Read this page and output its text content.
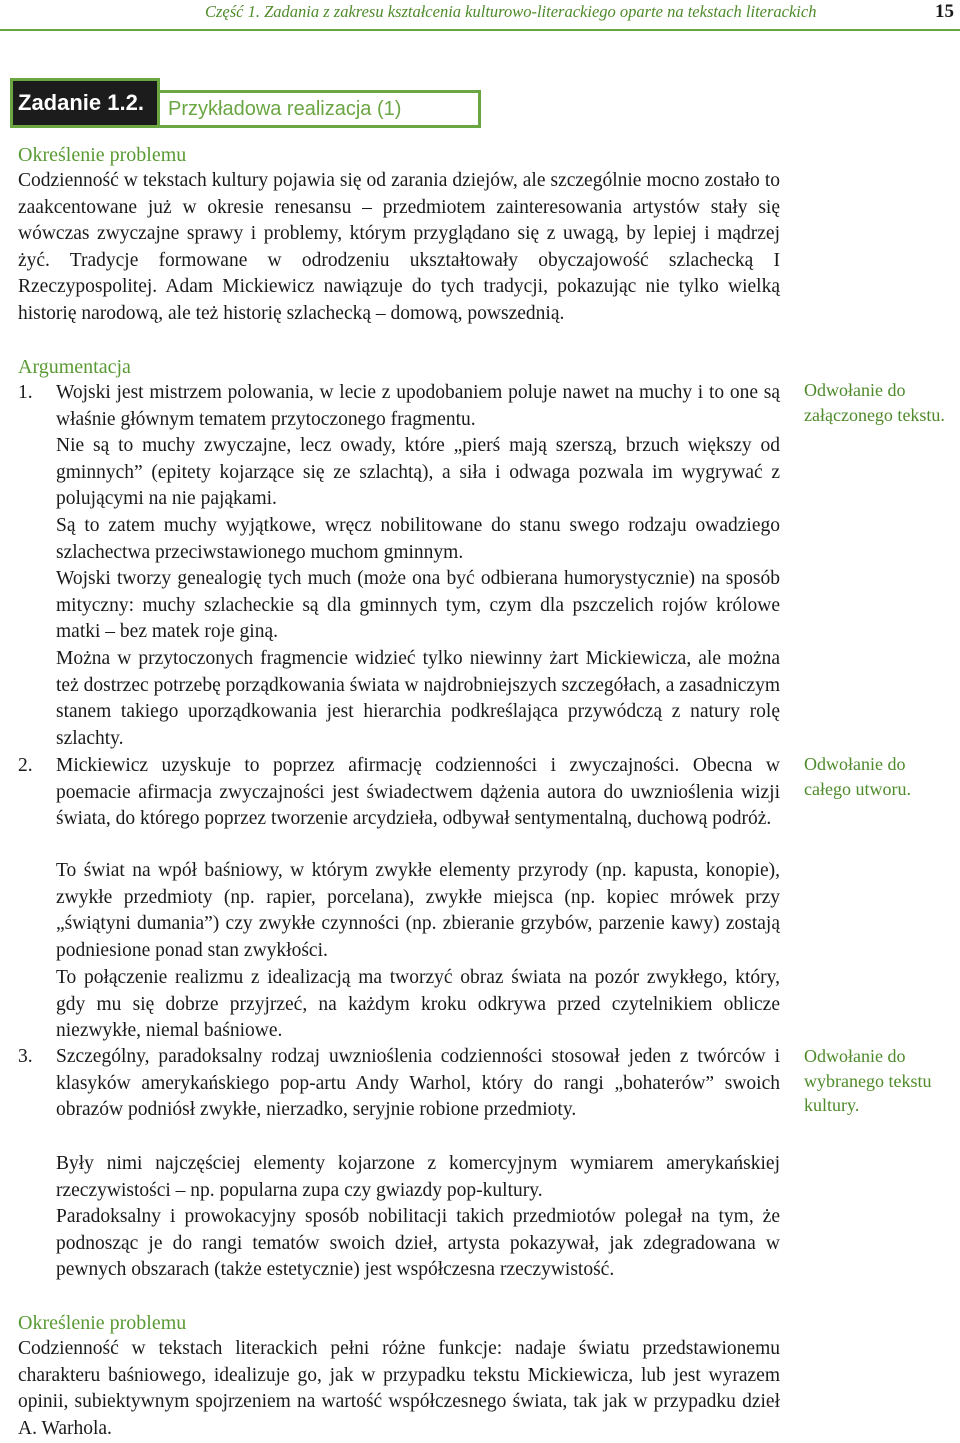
Część 1. Zadania z zakresu kształcenia kulturowo-literackiego oparte na tekstach literackich	15
Przykładowa realizacja (1)
Zadanie 1.2.
Określenie problemu

Codzienność w tekstach kultury pojawia się od zarania dziejów, ale szczególnie mocno zostało to zaakcentowane już w okresie renesansu – przedmiotem zainteresowania artystów stały się wówczas zwyczajne sprawy i problemy, którym przyglądano się z uwagą, by lepiej i mądrzej żyć. Tradycje formowane w odrodzeniu ukształtowały obyczajowość szlachecką I Rzeczypospolitej. Adam Mickiewicz nawiązuje do tych tradycji, pokazując nie tylko wielką historię narodową, ale też historię szlachecką – domową, powszednią.

Argumentacja
1. Wojski jest mistrzem polowania, w lecie z upodobaniem poluje nawet na muchy i to one są właśnie głównym tematem przytoczonego fragmentu.

Nie są to muchy zwyczajne, lecz owady, które „pierś mają szerszą, brzuch większy od gminnych” (epitety kojarzące się ze szlachtą), a siła i odwaga pozwala im wygrywać z polującymi na nie pająkami.

Są to zatem muchy wyjątkowe, wręcz nobilitowane do stanu swego rodzaju owadziego szlachectwa przeciwstawionego muchom gminnym.

Wojski tworzy genealogię tych much (może ona być odbierana humorystycznie) na sposób mityczny: muchy szlacheckie są dla gminnych tym, czym dla pszczelich rojów królowe matki – bez matek roje giną.

Można w przytoczonych fragmencie widzieć tylko niewinny żart Mickiewicza, ale można też dostrzec potrzebę porządkowania świata w najdrobniejszych szczegółach, a zasadniczym stanem takiego uporządkowania jest hierarchia podkreślająca przywódczą z natury rolę szlachty.

2. Mickiewicz uzyskuje to poprzez afirmację codzienności i zwyczajności. Obecna w poemacie afirmacja zwyczajności jest świadectwem dążenia autora do uwznioślenia wizji świata, do którego poprzez tworzenie arcydzieła, odbywał sentymentalną, duchową podróż.

To świat na wpół baśniowy, w którym zwykłe elementy przyrody (np. kapusta, konopie), zwykłe przedmioty (np. rapier, porcelana), zwykłe miejsca (np. kopiec mrówek przy „świątyni dumania”) czy zwykłe czynności (np. zbieranie grzybów, parzenie kawy) zostają podniesione ponad stan zwykłości.

To połączenie realizmu z idealizacją ma tworzyć obraz świata na pozór zwykłego, który, gdy mu się dobrze przyjrzeć, na każdym kroku odkrywa przed czytelnikiem oblicze niezwykłe, niemal baśniowe.

3. Szczególny, paradoksalny rodzaj uwznioślenia codzienności stosował jeden z twórców i klasyków amerykańskiego pop-artu Andy Warhol, który do rangi „bohaterów” swoich obrazów podniósł zwykłe, nierzadko, seryjnie robione przedmioty.

Były nimi najczęściej elementy kojarzone z komercyjnym wymiarem amerykańskiej rzeczywistości – np. popularna zupa czy gwiazdy pop-kultury.

Paradoksalny i prowokacyjny sposób nobilitacji takich przedmiotów polegał na tym, że podnosząc je do rangi tematów swoich dzieł, artysta pokazywał, jak zdegradowana w pewnych obszarach (także estetycznie) jest współczesna rzeczywistość.

Określenie problemu

Codzienność w tekstach literackich pełni różne funkcje: nadaje światu przedstawionemu charakteru baśniowego, idealizuje go, jak w przypadku tekstu Mickiewicza, lub jest wyrazem opinii, subiektywnym spojrzeniem na wartość współczesnego świata, tak jak w przypadku dzieł A. Warhola.

Odwołanie do załączonego tekstu.
Odwołanie do całego utworu.
Odwołanie do wybranego tekstu kultury.
